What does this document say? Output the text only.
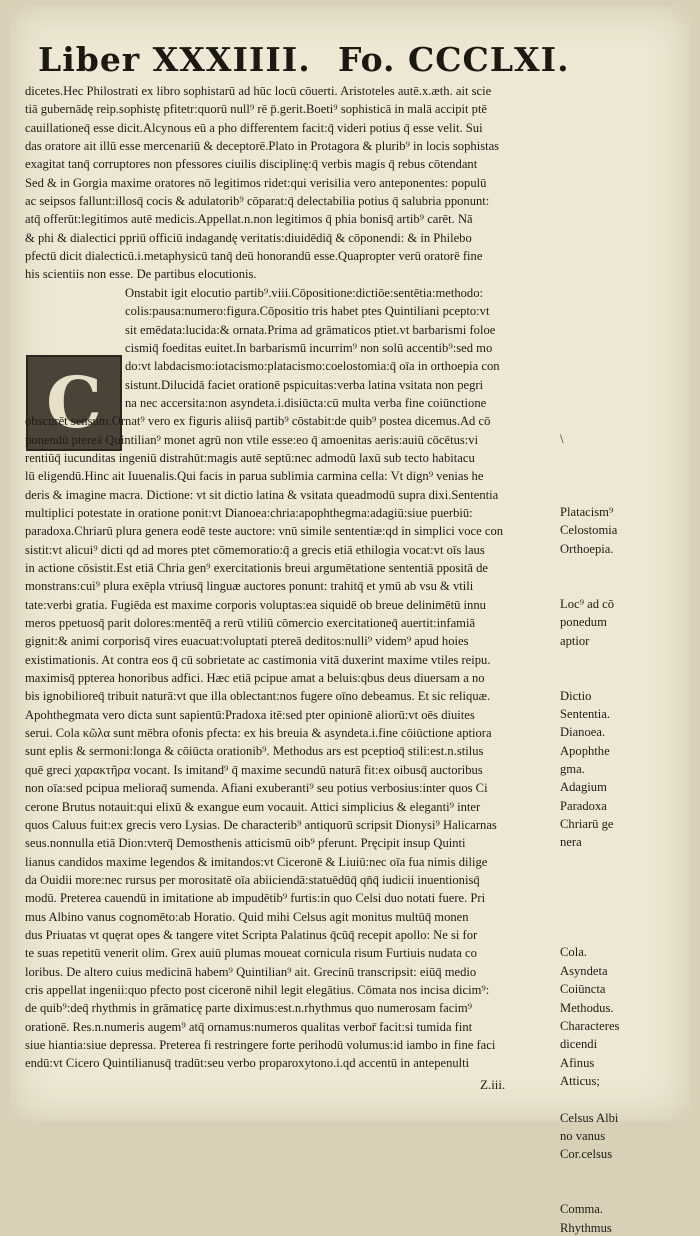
Liber XXXIIII. Fo. CCCLXI.
dicetes.Hec Philostrati ex libro sophistarū ad hūc locū cōuerti. Aristoteles autē.x.æth. ait scie
tiā gubernādę reip.sophistę pfitetr:quorū null⁹ rē p̄.gerit.Boeti⁹ sophisticā in malā accipit ptē
cauillationeq̄ esse dicit.Alcynous eū a pho differentem facit:q̄ videri potius q̄ esse velit. Sui
das oratore ait illū esse mercenariū & deceptorē.Plato in Protagora & plurib⁹ in locis sophistas
exagitat tanq̄ corruptores non pfessores ciuilis disciplinę:q̄ verbis magis q̄ rebus cōtendant
Sed & in Gorgia maxime oratores nō legitimos ridet:qui verisilia vero anteponentes: populū
ac seipsos fallunt:illosq̄ cocis & adulatorib⁹ cōparat:q̄ delectabilia potius q̄ salubria pponunt:
atq̄ offerūt:legitimos autē medicis.Appellat.n.non legitimos q̄ phia bonisq̄ artib⁹ carēt. Nā
& phi & dialectici ppriū officiū indagandę veritatis:diuidēdiq̄ & cōponendi: & in Philebo
pfectū dicit dialecticū.i.metaphysicū tanq̄ deū honorandū esse.Quapropter verū oratorē fine
his scientiis non esse. De partibus elocutionis.
C
Onstabit igit elocutio partib⁹.viii.Cōpositione:dictiōe:sentētia:methodo:
colis:pausa:numero:figura.Cōpositio tris habet ptes Quintiliani pcepto:vt
sit emēdata:lucida:& ornata.Prima ad grāmaticos ptiet.vt barbarismi foloe
cismiq̄ foeditas euitet.In barbarismū incurrim⁹ non solū accentib⁹:sed mo
do:vt labdacismo:iotacismo:platacismo:coelostomia:q̄ oīa in orthoepia con
sistunt.Dilucidā faciet orationē pspicuitas:verba latina vsitata non pegri
na nec accersita:non asyndeta.i.disiūcta:cū multa verba fine coiūnctione
obscurēt sensum.Ornat⁹ vero ex figuris aliisq̄ partib⁹ cōstabit:de quib⁹ postea dicemus.Ad cō
ponendū ptereā Quintilian⁹ monet agrū non vtile esse:eo q̄ amoenitas aeris:auiū cōcētus:vi
rentiūq̄ iucunditas ingeniū distrahūt:magis autē septū:nec admodū laxū sub tecto habitacu
lū eligendū.Hinc ait Iuuenalis.Qui facis in parua sublimia carmina cella: Vt dign⁹ venias he
deris & imagine macra. Dictione: vt sit dictio latina & vsitata queadmodū supra dixi.Sententia
multiplici potestate in oratione ponit:vt Dianoea:chria:apophthegma:adagiū:siue puerbiū:
paradoxa.Chriarū plura genera eodē teste auctore: vnū simile sententiæ:qd in simplici voce con
sistit:vt alicui⁹ dicti qd ad mores ptet cōmemoratio:q̄ a grecis etiā ethilogia vocat:vt oīs laus
in actione cōsistit.Est etiā Chria gen⁹ exercitationis breui argumētatione sententiā ppositā de
monstrans:cui⁹ plura exēpla vtriusq̄ linguæ auctores ponunt: trahitq̄ et ymū ab vsu & vtili
tate:verbi gratia. Fugiēda est maxime corporis voluptas:ea siquidē ob breue delinimētū innu
meros ppetuosq̄ parit dolores:mentēq̄ a rerū vtiliū cōmercio exercitationeq̄ auertit:infamiā
gignit:& animi corporisq̄ vires euacuat:voluptati ptereā deditos:nulli⁹ videm⁹ apud hoies
existimationis. At contra eos q̄ cū sobrietate ac castimonia vitā duxerint maxime vtiles reipu.
maximisq̄ ppterea honoribus adfici. Hæc etiā pcipue amat a beluis:qbus deus diuersam a no
bis ignobilioreq̄ tribuit naturā:vt que illa oblectant:nos fugere oīno debeamus. Et sic reliquæ.
Apohthegmata vero dicta sunt sapientū:Pradoxa itē:sed pter opinionē aliorū:vt oēs diuites
serui. Cola κῶλα sunt mēbra ofonis pfecta: ex his breuia & asyndeta.i.fine cōiūctione aptiora
sunt eplis & sermoni:longa & cōiūcta orationib⁹. Methodus ars est pceptioq̄ stili:est.n.stilus
quē greci χαρακτῆρα vocant. Is imitand⁹ q̄ maxime secundū naturā fit:ex oibusq̄ auctoribus
non oīa:sed pcipua melioraq̄ sumenda. Afiani exuberanti⁹ seu potius verbosius:inter quos Ci
cerone Brutus notauit:qui elixū & exangue eum vocauit. Attici simplicius & eleganti⁹ inter
quos Caluus fuit:ex grecis vero Lysias. De characterib⁹ antiquorū scripsit Dionysi⁹ Halicarnas
seus.nonnulla etiā Dion:vterq̄ Demosthenis atticismū oib⁹ pferunt. Pręcipit insup Quinti
lianus candidos maxime legendos & imitandos:vt Ciceronē & Liuiū:nec oīa fua nimis dilige
da Ouidii more:nec rursus per morositatē oīa abiiciendā:statuēdūq̄ qn̄q̄ iudicii inuentionisq̄
modū. Preterea cauendū in imitatione ab impudētib⁹ furtis:in quo Celsi duo notati fuere. Pri
mus Albino vanus cognomēto:ab Horatio. Quid mihi Celsus agit monitus multūq̄ monen
dus Priuatas vt quęrat opes & tangere vitet Scripta Palatinus q̄cūq̄ recepit apollo: Ne si for
te suas repetitū venerit olim. Grex auiū plumas moueat cornicula risum Furtiuis nudata co
loribus. De altero cuius medicinā habem⁹ Quintilian⁹ ait. Grecinū transcripsit: eiūq̄ medio
cris appellat ingenii:quo pfecto post ciceronē nihil legit elegātius. Cōmata nos incisa dicim⁹:
de quib⁹:deq̄ rhythmis in grāmaticę parte diximus:est.n.rhythmus quo numerosam facim⁹
orationē. Res.n.numeris augem⁹ atq̄ ornamus:numeros qualitas verbor̄ facit:si tumida fint
siue hiantia:siue depressa. Preterea fi restringere forte perihodū volumus:id iambo in fine faci
endū:vt Cicero Quintilianusq̄ tradūt:seu verbo proparoxytono.i.qd accentū in antepenulti
\
Platacism⁹
Celostomia
Orthoepia.
Loc⁹ ad cō
ponedum
aptior
Dictio
Sententia.
Dianoea.
Apophthe
gma.
Adagium
Paradoxa
Chriarū ge
nera
Cola.
Asyndeta
Coiūncta
Methodus.
Characteres
dicendi
Afinus
Atticus;
Celsus Albi
no vanus
Cor.celsus
Comma.
Rhythmus
Z.iii.
